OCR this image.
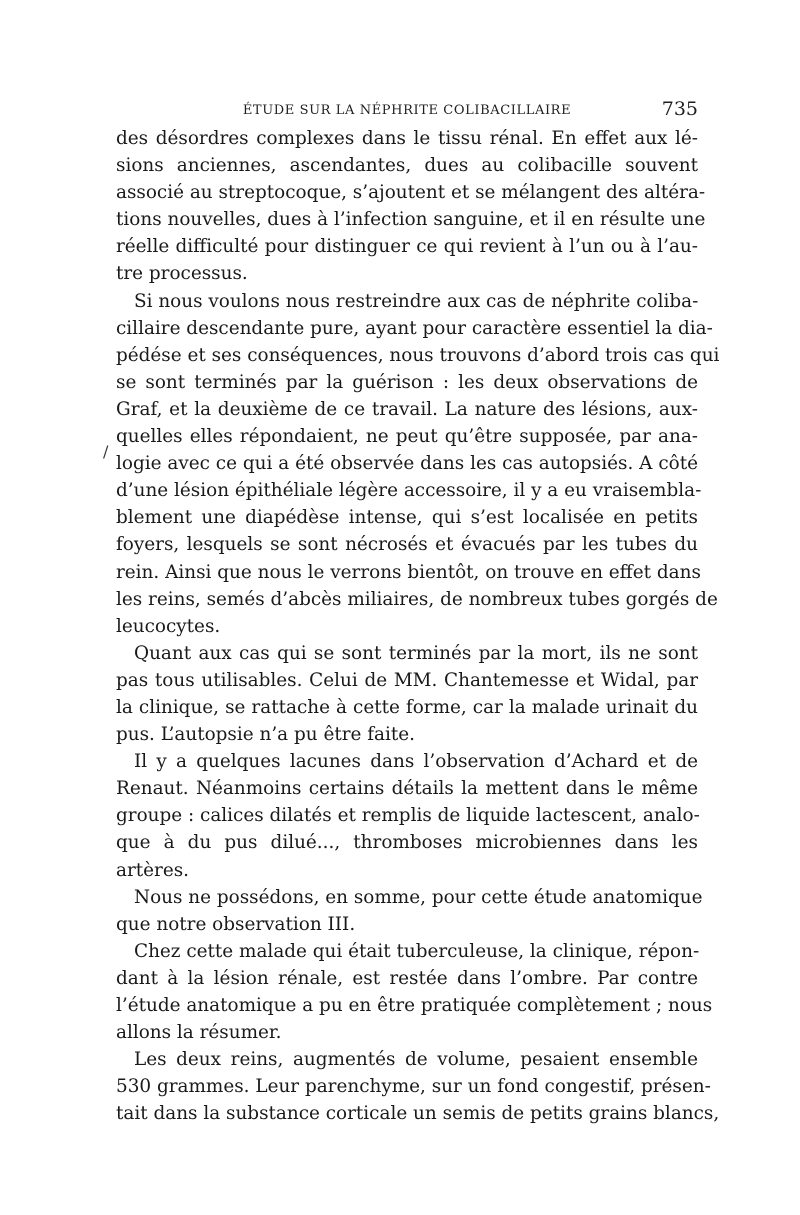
ÉTUDE SUR LA NÉPHRITE COLIBACILLAIRE	735
/
des désordres complexes dans le tissu rénal. En effet aux lé-
sions anciennes, ascendantes, dues au colibacille souvent
associé au streptocoque, s’ajoutent et se mélangent des altéra-
tions nouvelles, dues à l’infection sanguine, et il en résulte une
réelle difficulté pour distinguer ce qui revient à l’un ou à l’au-
tre processus.
Si nous voulons nous restreindre aux cas de néphrite coliba-
cillaire descendante pure, ayant pour caractère essentiel la dia-
pédése et ses conséquences, nous trouvons d’abord trois cas qui
se sont terminés par la guérison : les deux observations de
Graf, et la deuxième de ce travail. La nature des lésions, aux-
quelles elles répondaient, ne peut qu’être supposée, par ana-
logie avec ce qui a été observée dans les cas autopsiés. A côté
d’une lésion épithéliale légère accessoire, il y a eu vraisembla-
blement une diapédèse intense, qui s’est localisée en petits
foyers, lesquels se sont nécrosés et évacués par les tubes du
rein. Ainsi que nous le verrons bientôt, on trouve en effet dans
les reins, semés d’abcès miliaires, de nombreux tubes gorgés de
leucocytes.
Quant aux cas qui se sont terminés par la mort, ils ne sont
pas tous utilisables. Celui de MM. Chantemesse et Widal, par
la clinique, se rattache à cette forme, car la malade urinait du
pus. L’autopsie n’a pu être faite.
Il y a quelques lacunes dans l’observation d’Achard et de
Renaut. Néanmoins certains détails la mettent dans le même
groupe : calices dilatés et remplis de liquide lactescent, analo-
que à du pus dilué..., thromboses microbiennes dans les
artères.
Nous ne possédons, en somme, pour cette étude anatomique
que notre observation III.
Chez cette malade qui était tuberculeuse, la clinique, répon-
dant à la lésion rénale, est restée dans l’ombre. Par contre
l’étude anatomique a pu en être pratiquée complètement ; nous
allons la résumer.
Les deux reins, augmentés de volume, pesaient ensemble
530 grammes. Leur parenchyme, sur un fond congestif, présen-
tait dans la substance corticale un semis de petits grains blancs,
